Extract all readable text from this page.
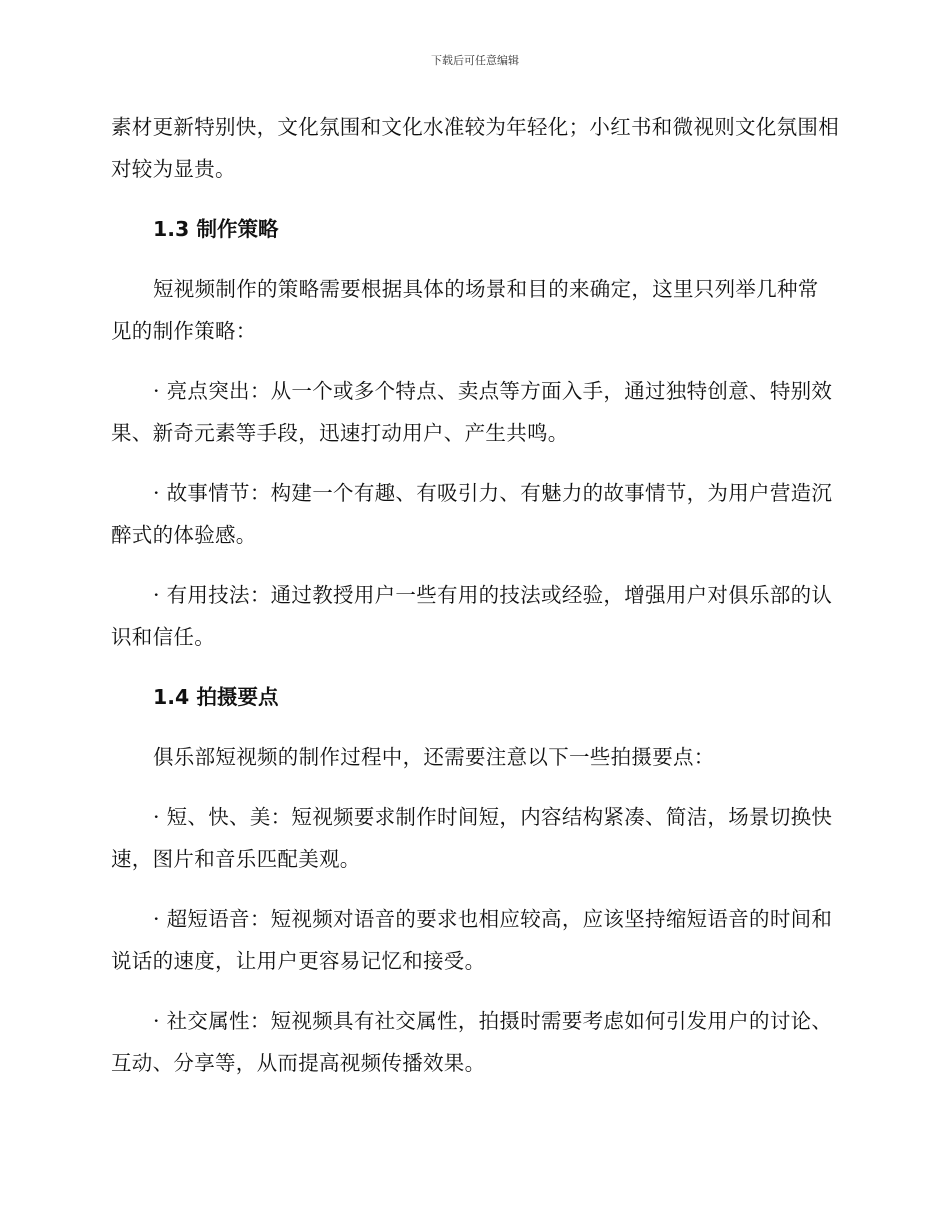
下载后可任意编辑

素材更新特别快，文化氛围和文化水准较为年轻化；小红书和微视则文化氛围相对较为显贵。

1.3 制作策略

短视频制作的策略需要根据具体的场景和目的来确定，这里只列举几种常见的制作策略：

· 亮点突出：从一个或多个特点、卖点等方面入手，通过独特创意、特别效果、新奇元素等手段，迅速打动用户、产生共鸣。

· 故事情节：构建一个有趣、有吸引力、有魅力的故事情节，为用户营造沉醉式的体验感。

· 有用技法：通过教授用户一些有用的技法或经验，增强用户对俱乐部的认识和信任。

1.4 拍摄要点

俱乐部短视频的制作过程中，还需要注意以下一些拍摄要点：

· 短、快、美：短视频要求制作时间短，内容结构紧凑、简洁，场景切换快速，图片和音乐匹配美观。

· 超短语音：短视频对语音的要求也相应较高，应该坚持缩短语音的时间和说话的速度，让用户更容易记忆和接受。

· 社交属性：短视频具有社交属性，拍摄时需要考虑如何引发用户的讨论、互动、分享等，从而提高视频传播效果。
